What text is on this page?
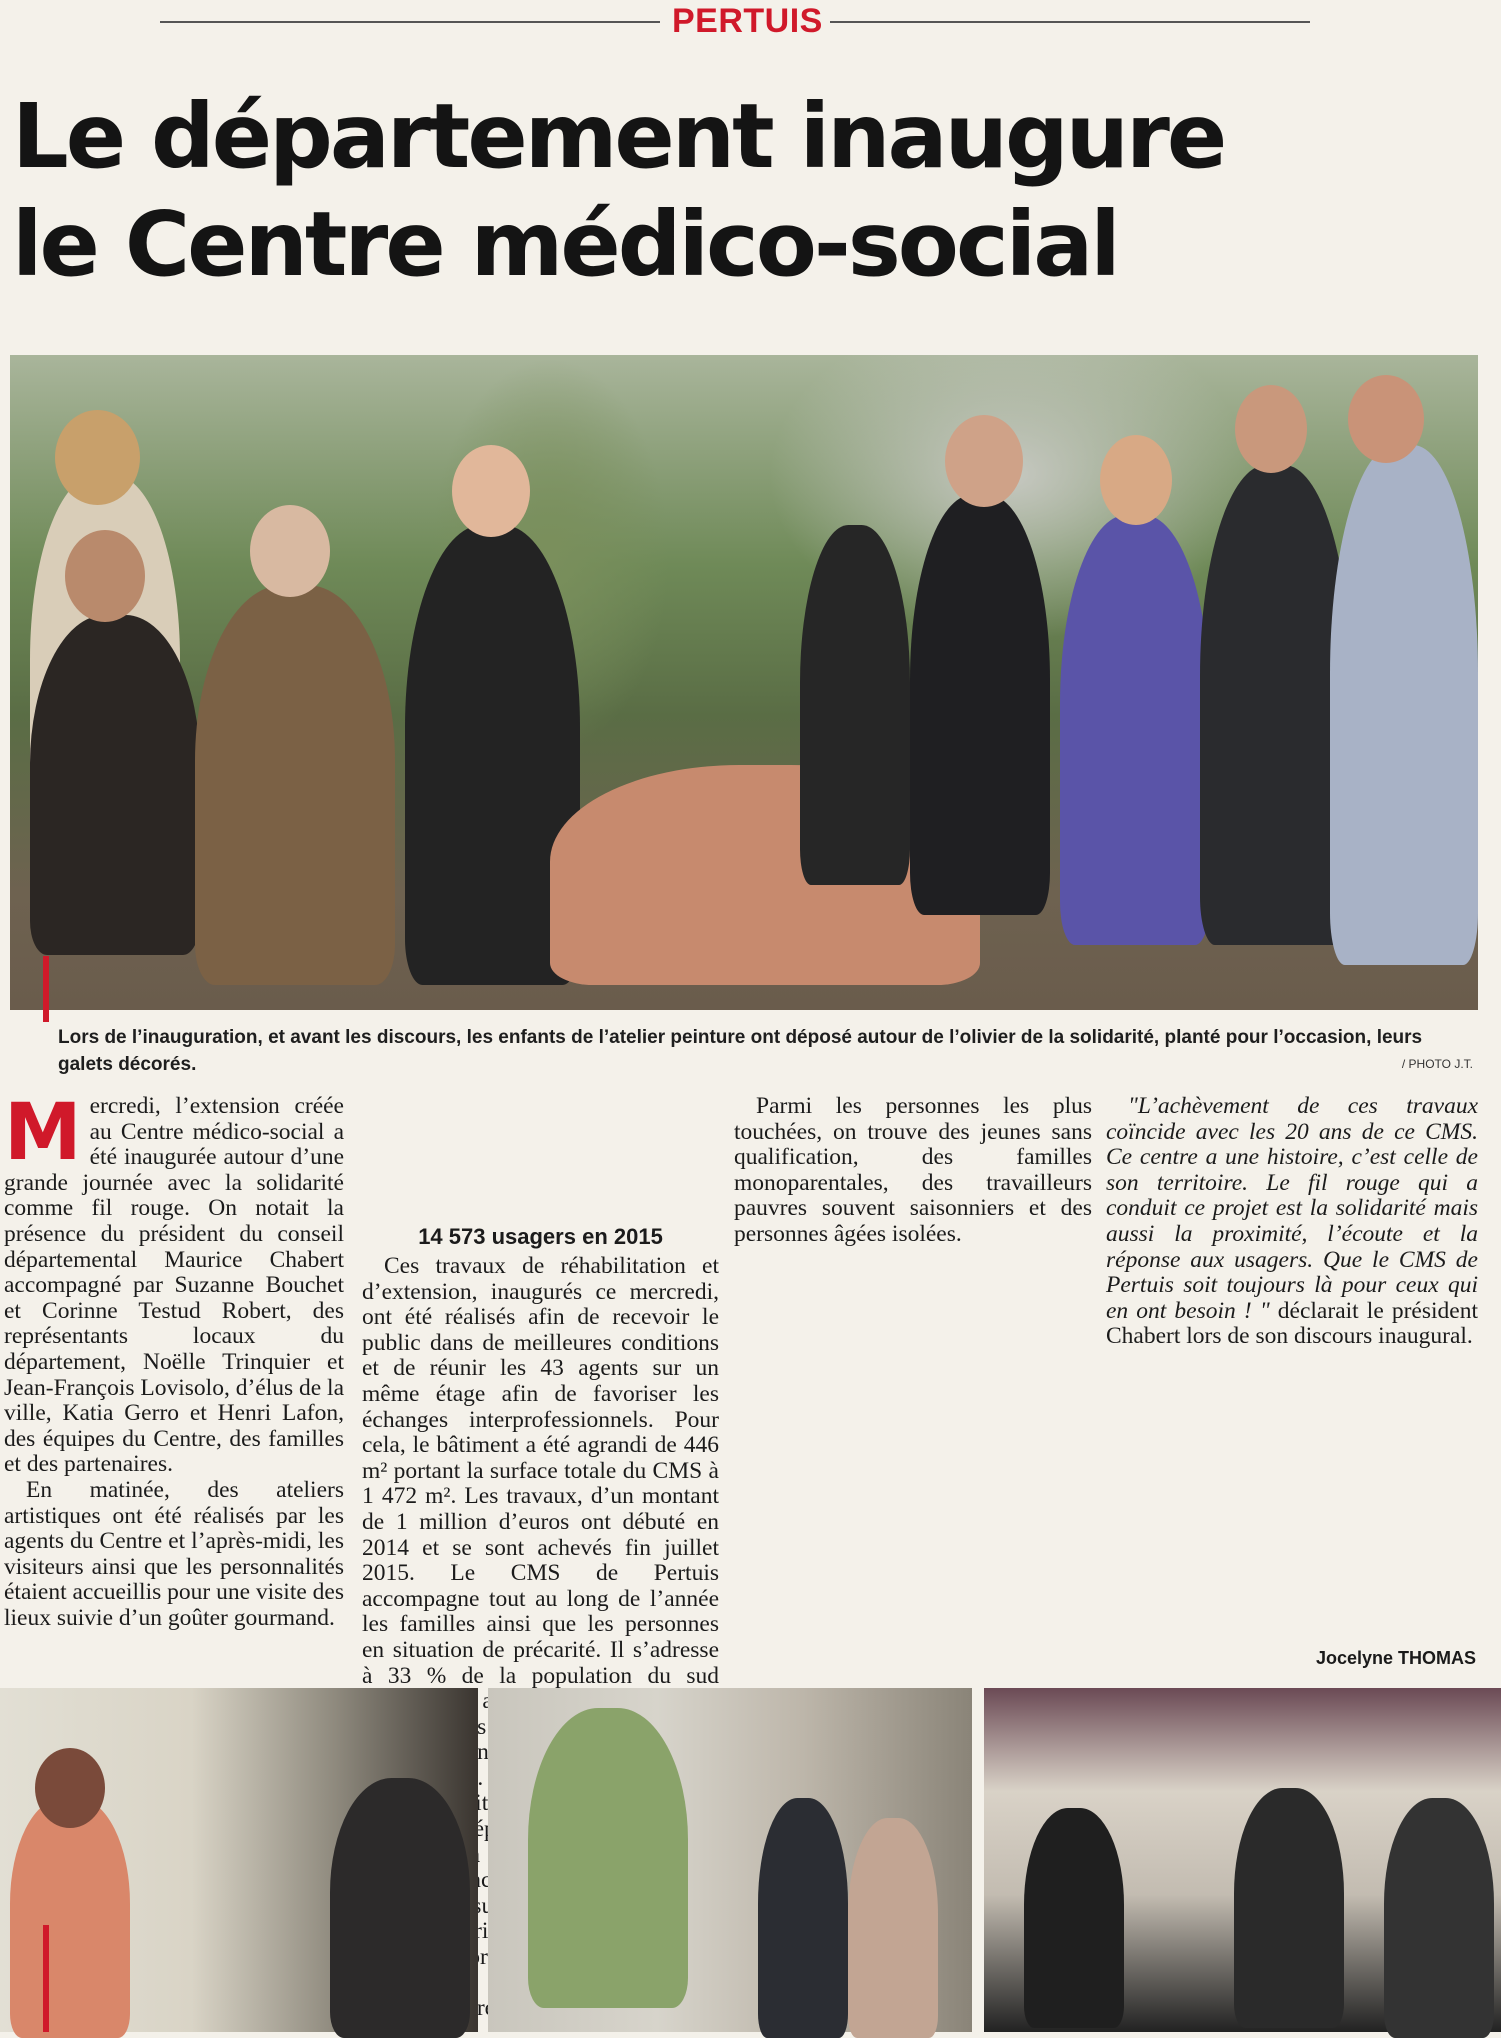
PERTUIS
Le département inaugure
le Centre médico-social

Lors de l’inauguration, et avant les discours, les enfants de l’atelier peinture ont déposé autour de l’olivier de la solidarité, planté pour l’occasion, leurs galets décorés.	/ PHOTO J.T.

Mercredi, l’extension créée au Centre médico-social a été inaugurée autour d’une grande journée avec la solidarité comme fil rouge. On notait la présence du président du conseil départemental Maurice Chabert accompagné par Suzanne Bouchet et Corinne Testud Robert, des représentants locaux du département, Noëlle Trinquier et Jean-François Lovisolo, d’élus de la ville, Katia Gerro et Henri Lafon, des équipes du Centre, des familles et des partenaires.

En matinée, des ateliers artistiques ont été réalisés par les agents du Centre et l’après-midi, les visiteurs ainsi que les personnalités étaient accueillis pour une visite des lieux suivie d’un goûter gourmand.

14 573 usagers en 2015

Ces travaux de réhabilitation et d’extension, inaugurés ce mercredi, ont été réalisés afin de recevoir le public dans de meilleures conditions et de réunir les 43 agents sur un même étage afin de favoriser les échanges interprofessionnels. Pour cela, le bâtiment a été agrandi de 446 m² portant la surface totale du CMS à 1 472 m². Les travaux, d’un montant de 1 million d’euros ont débuté en 2014 et se sont achevés fin juillet 2015. Le CMS de Pertuis accompagne tout au long de l’année les familles ainsi que les personnes en situation de précarité. Il s’adresse à 33 % de la population du sud sur

Parmi les personnes les plus touchées, on trouve des jeunes sans qualification, des familles monoparentales, des travailleurs pauvres souvent saisonniers et des personnes âgées isolées.

"L’achèvement de ces travaux coïncide avec les 20 ans de ce CMS. Ce centre a une histoire, c’est celle de son territoire. Le fil rouge qui a conduit ce projet est la solidarité mais aussi la proximité, l’écoute et la réponse aux usagers. Que le CMS de Pertuis soit toujours là pour ceux qui en ont besoin ! " déclarait le président Chabert lors de son discours inaugural.

Jocelyne THOMAS
